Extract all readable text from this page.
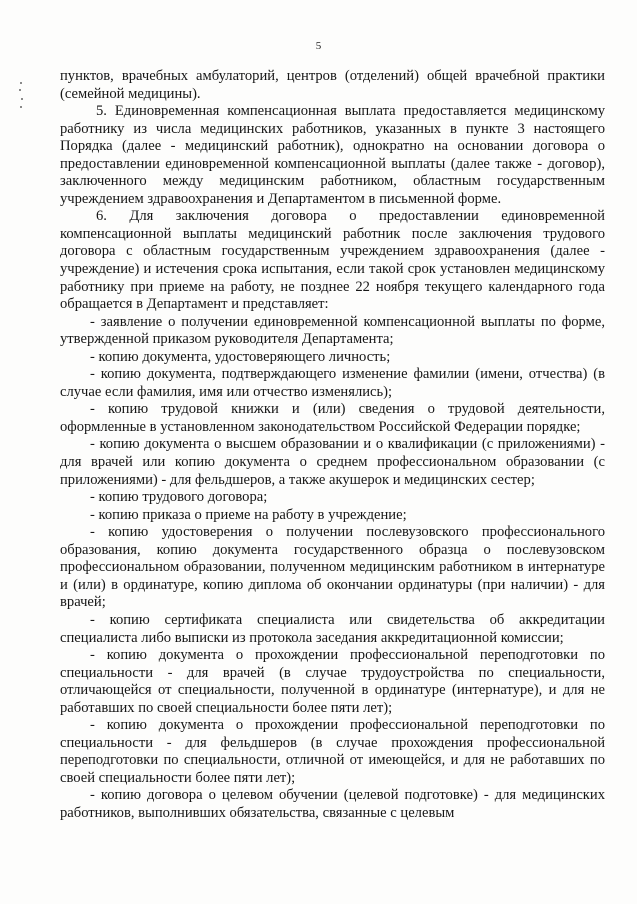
5

пунктов, врачебных амбулаторий, центров (отделений) общей врачебной практики (семейной медицины).

5. Единовременная компенсационная выплата предоставляется медицинскому работнику из числа медицинских работников, указанных в пункте 3 настоящего Порядка (далее - медицинский работник), однократно на основании договора о предоставлении единовременной компенсационной выплаты (далее также - договор), заключенного между медицинским работником, областным государственным учреждением здравоохранения и Департаментом в письменной форме.

6. Для заключения договора о предоставлении единовременной компенсационной выплаты медицинский работник после заключения трудового договора с областным государственным учреждением здравоохранения (далее - учреждение) и истечения срока испытания, если такой срок установлен медицинскому работнику при приеме на работу, не позднее 22 ноября текущего календарного года обращается в Департамент и представляет:

- заявление о получении единовременной компенсационной выплаты по форме, утвержденной приказом руководителя Департамента;

- копию документа, удостоверяющего личность;

- копию документа, подтверждающего изменение фамилии (имени, отчества) (в случае если фамилия, имя или отчество изменялись);

- копию трудовой книжки и (или) сведения о трудовой деятельности, оформленные в установленном законодательством Российской Федерации порядке;

- копию документа о высшем образовании и о квалификации (с приложениями) - для врачей или копию документа о среднем профессиональном образовании (с приложениями) - для фельдшеров, а также акушерок и медицинских сестер;

- копию трудового договора;

- копию приказа о приеме на работу в учреждение;

- копию удостоверения о получении послевузовского профессионального образования, копию документа государственного образца о послевузовском профессиональном образовании, полученном медицинским работником в интернатуре и (или) в ординатуре, копию диплома об окончании ординатуры (при наличии) - для врачей;

- копию сертификата специалиста или свидетельства об аккредитации специалиста либо выписки из протокола заседания аккредитационной комиссии;

- копию документа о прохождении профессиональной переподготовки по специальности - для врачей (в случае трудоустройства по специальности, отличающейся от специальности, полученной в ординатуре (интернатуре), и для не работавших по своей специальности более пяти лет);

- копию документа о прохождении профессиональной переподготовки по специальности - для фельдшеров (в случае прохождения профессиональной переподготовки по специальности, отличной от имеющейся, и для не работавших по своей специальности более пяти лет);

- копию договора о целевом обучении (целевой подготовке) - для медицинских работников, выполнивших обязательства, связанные с целевым
